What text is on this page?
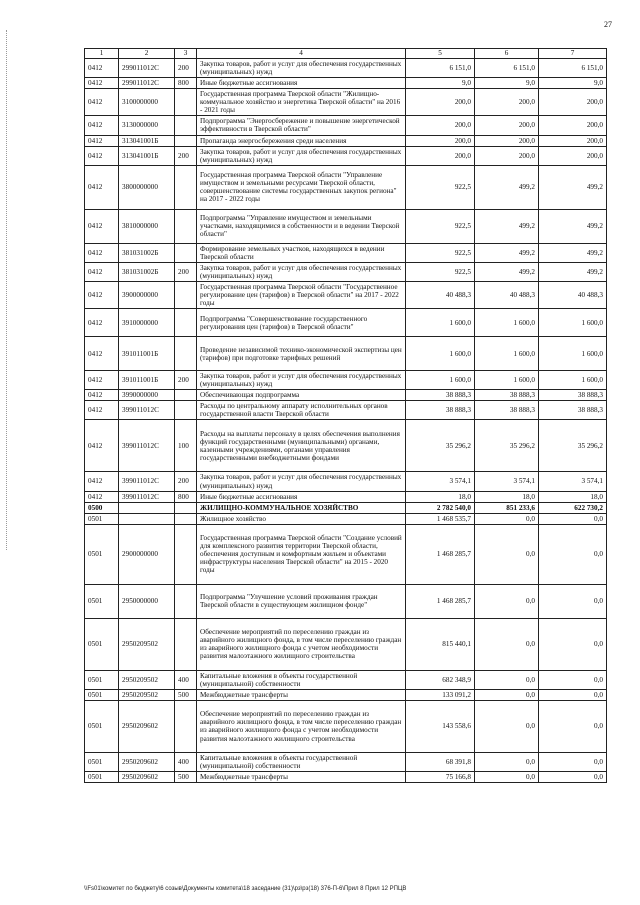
27
1	2	3	4	5	6	7
0412	299011012C	200	Закупка товаров, работ и услуг для обеспечения государственных (муниципальных) нужд	6 151,0	6 151,0	6 151,0
0412	299011012C	800	Иные бюджетные ассигнования	9,0	9,0	9,0
0412	3100000000		Государственная программа Тверской области "Жилищно-коммунальное хозяйство и энергетика Тверской области" на 2016 - 2021 годы	200,0	200,0	200,0
0412	3130000000		Подпрограмма "Энергосбережение и повышение энергетической эффективности в Тверской области"	200,0	200,0	200,0
0412	313041001Б		Пропаганда энергосбережения среди населения	200,0	200,0	200,0
0412	313041001Б	200	Закупка товаров, работ и услуг для обеспечения государственных (муниципальных) нужд	200,0	200,0	200,0
0412	3800000000		Государственная программа Тверской области "Управление имуществом и земельными ресурсами Тверской области, совершенствование системы государственных закупок региона" на 2017 - 2022 годы	922,5	499,2	499,2
0412	3810000000		Подпрограмма "Управление имуществом и земельными участками, находящимися в собственности и в ведении Тверской области"	922,5	499,2	499,2
0412	381031002Б		Формирование земельных участков, находящихся в ведении Тверской области	922,5	499,2	499,2
0412	381031002Б	200	Закупка товаров, работ и услуг для обеспечения государственных (муниципальных) нужд	922,5	499,2	499,2
0412	3900000000		Государственная программа Тверской области "Государственное регулирование цен (тарифов) в Тверской области" на 2017 - 2022 годы	40 488,3	40 488,3	40 488,3
0412	3910000000		Подпрограмма "Совершенствование государственного регулирования цен (тарифов) в Тверской области"	1 600,0	1 600,0	1 600,0
0412	391011001Б		Проведение независимой технико-экономической экспертизы цен (тарифов) при подготовке тарифных решений	1 600,0	1 600,0	1 600,0
0412	391011001Б	200	Закупка товаров, работ и услуг для обеспечения государственных (муниципальных) нужд	1 600,0	1 600,0	1 600,0
0412	3990000000		Обеспечивающая подпрограмма	38 888,3	38 888,3	38 888,3
0412	399011012C		Расходы по центральному аппарату исполнительных органов государственной власти Тверской области	38 888,3	38 888,3	38 888,3
0412	399011012C	100	Расходы на выплаты персоналу в целях обеспечения выполнения функций государственными (муниципальными) органами, казенными учреждениями, органами управления государственными внебюджетными фондами	35 296,2	35 296,2	35 296,2
0412	399011012C	200	Закупка товаров, работ и услуг для обеспечения государственных (муниципальных) нужд	3 574,1	3 574,1	3 574,1
0412	399011012C	800	Иные бюджетные ассигнования	18,0	18,0	18,0
0500			ЖИЛИЩНО-КОММУНАЛЬНОЕ ХОЗЯЙСТВО	2 782 540,0	851 233,6	622 730,2
0501			Жилищное хозяйство	1 468 535,7	0,0	0,0
0501	2900000000		Государственная программа Тверской области "Создание условий для комплексного развития территории Тверской области, обеспечения доступным и комфортным жильем и объектами инфраструктуры населения Тверской области" на 2015 - 2020 годы	1 468 285,7	0,0	0,0
0501	2950000000		Подпрограмма "Улучшение условий проживания граждан Тверской области в существующем жилищном фонде"	1 468 285,7	0,0	0,0
0501	2950209502		Обеспечение мероприятий по переселению граждан из аварийного жилищного фонда, в том числе переселению граждан из аварийного жилищного фонда с учетом необходимости развития малоэтажного жилищного строительства	815 440,1	0,0	0,0
0501	2950209502	400	Капитальные вложения в объекты государственной (муниципальной) собственности	682 348,9	0,0	0,0
0501	2950209502	500	Межбюджетные трансферты	133 091,2	0,0	0,0
0501	2950209602		Обеспечение мероприятий по переселению граждан из аварийного жилищного фонда, в том числе переселению граждан из аварийного жилищного фонда с учетом необходимости развития малоэтажного жилищного строительства	143 558,6	0,0	0,0
0501	2950209602	400	Капитальные вложения в объекты государственной (муниципальной) собственности	68 391,8	0,0	0,0
0501	2950209602	500	Межбюджетные трансферты	75 166,8	0,0	0,0
\\Fs01\комитет по бюджету\6 созыв\Документы комитета\18 заседание (31)\рз\рз(18) 376-П-6\Прил 8 Прил 12 РПЦВ
